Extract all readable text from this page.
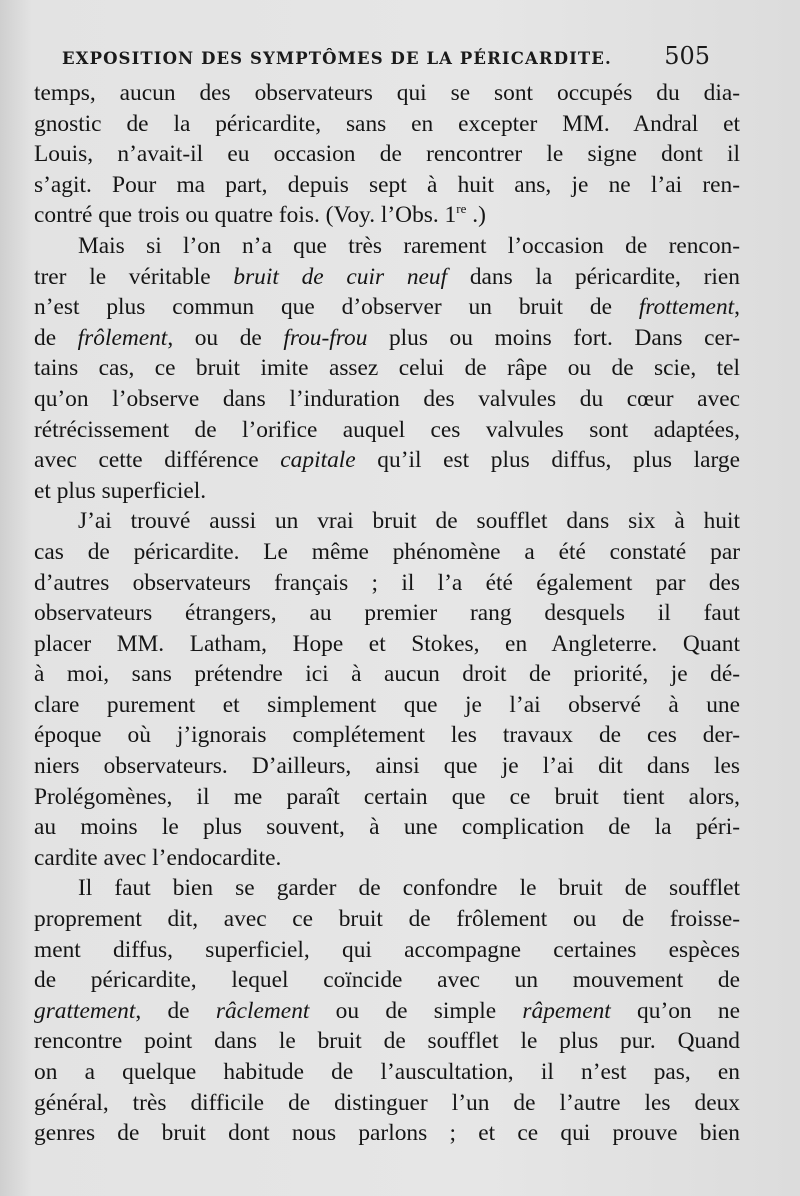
EXPOSITION DES SYMPTÔMES DE LA PÉRICARDITE. 505
temps, aucun des observateurs qui se sont occupés du dia-
gnostic de la péricardite, sans en excepter MM. Andral et
Louis, n’avait-il eu occasion de rencontrer le signe dont il
s’agit. Pour ma part, depuis sept à huit ans, je ne l’ai ren-
contré que trois ou quatre fois. (Voy. l’Obs. 1re .)
Mais si l’on n’a que très rarement l’occasion de rencon-
trer le véritable bruit de cuir neuf dans la péricardite, rien
n’est plus commun que d’observer un bruit de frottement,
de frôlement, ou de frou-frou plus ou moins fort. Dans cer-
tains cas, ce bruit imite assez celui de râpe ou de scie, tel
qu’on l’observe dans l’induration des valvules du cœur avec
rétrécissement de l’orifice auquel ces valvules sont adaptées,
avec cette différence capitale qu’il est plus diffus, plus large
et plus superficiel.
J’ai trouvé aussi un vrai bruit de soufflet dans six à huit
cas de péricardite. Le même phénomène a été constaté par
d’autres observateurs français ; il l’a été également par des
observateurs étrangers, au premier rang desquels il faut
placer MM. Latham, Hope et Stokes, en Angleterre. Quant
à moi, sans prétendre ici à aucun droit de priorité, je dé-
clare purement et simplement que je l’ai observé à une
époque où j’ignorais complétement les travaux de ces der-
niers observateurs. D’ailleurs, ainsi que je l’ai dit dans les
Prolégomènes, il me paraît certain que ce bruit tient alors,
au moins le plus souvent, à une complication de la péri-
cardite avec l’endocardite.
Il faut bien se garder de confondre le bruit de soufflet
proprement dit, avec ce bruit de frôlement ou de froisse-
ment diffus, superficiel, qui accompagne certaines espèces
de péricardite, lequel coïncide avec un mouvement de
grattement, de râclement ou de simple râpement qu’on ne
rencontre point dans le bruit de soufflet le plus pur. Quand
on a quelque habitude de l’auscultation, il n’est pas, en
général, très difficile de distinguer l’un de l’autre les deux
genres de bruit dont nous parlons ; et ce qui prouve bien
